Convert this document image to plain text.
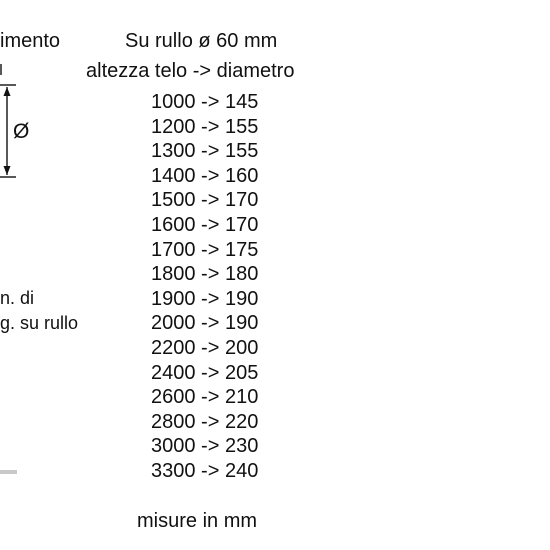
imento
Ø
n. di
g. su rullo
Su rullo ø 60 mm
altezza telo -> diametro
1000 -> 145
1200 -> 155
1300 -> 155
1400 -> 160
1500 -> 170
1600 -> 170
1700 -> 175
1800 -> 180
1900 -> 190
2000 -> 190
2200 -> 200
2400 -> 205
2600 -> 210
2800 -> 220
3000 -> 230
3300 -> 240
misure in mm
